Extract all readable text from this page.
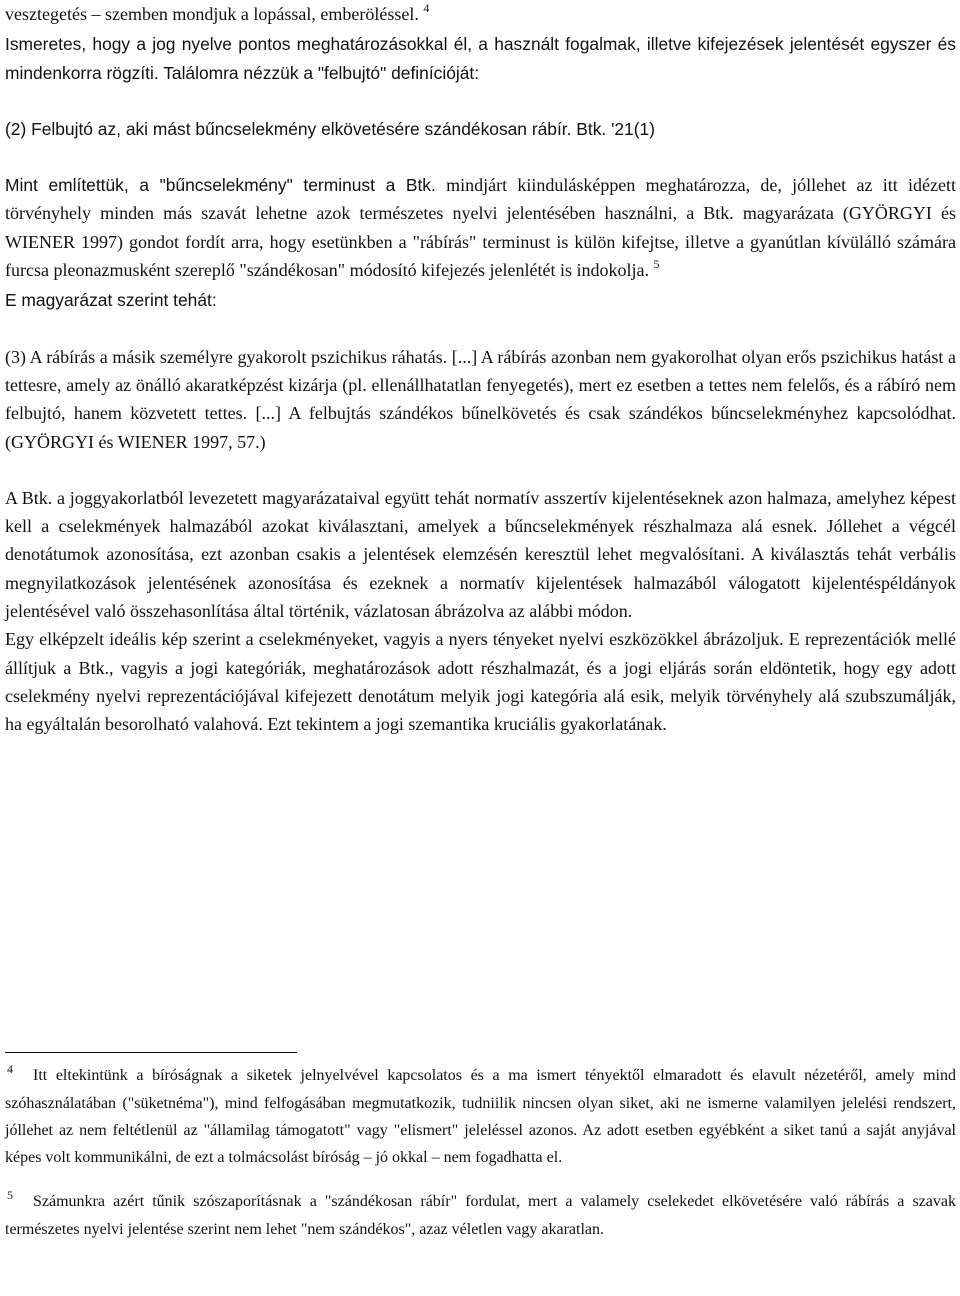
vesztegetés – szemben mondjuk a lopással, emberöléssel. $^4$

Ismeretes, hogy a jog nyelve pontos meghatározásokkal él, a használt fogalmak, illetve kifejezések jelentését egyszer és mindenkorra rögzíti. Találomra nézzük a "felbujtó" definícióját:

(2) Felbujtó az, aki mást bűncselekmény elkövetésére szándékosan rábír. Btk. '21(1)

Mint említettük, a "bűncselekmény" terminust a Btk. mindjárt kiindulásképpen meghatározza, de, jóllehet az itt idézett törvényhely minden más szavát lehetne azok természetes nyelvi jelentésében használni, a Btk. magyarázata (GYÖRGYI és WIENER 1997) gondot fordít arra, hogy esetünkben a "rábírás" terminust is külön kifejtse, illetve a gyanútlan kívülálló számára furcsa pleonazmusként szereplő "szándékosan" módosító kifejezés jelenlétét is indokolja. $^5$

E magyarázat szerint tehát:

(3) A rábírás a másik személyre gyakorolt pszichikus ráhatás. [...] A rábírás azonban nem gyakorolhat olyan erős pszichikus hatást a tettesre, amely az önálló akaratképzést kizárja (pl. ellenállhatatlan fenyegetés), mert ez esetben a tettes nem felelős, és a rábíró nem felbujtó, hanem közvetett tettes. [...] A felbujtás szándékos bűnelkövetés és csak szándékos bűncselekményhez kapcsolódhat. (GYÖRGYI és WIENER 1997, 57.)

A Btk. a joggyakorlatból levezetett magyarázataival együtt tehát normatív asszertív kijelentéseknek azon halmaza, amelyhez képest kell a cselekmények halmazából azokat kiválasztani, amelyek a bűncselekmények részhalmaza alá esnek. Jóllehet a végcél denotátumok azonosítása, ezt azonban csakis a jelentések elemzésén keresztül lehet megvalósítani. A kiválasztás tehát verbális megnyilatkozások jelentésének azonosítása és ezeknek a normatív kijelentések halmazából válogatott kijelentéspéldányok jelentésével való összehasonlítása által történik, vázlatosan ábrázolva az alábbi módon.

Egy elképzelt ideális kép szerint a cselekményeket, vagyis a nyers tényeket nyelvi eszközökkel ábrázoljuk. E reprezentációk mellé állítjuk a Btk., vagyis a jogi kategóriák, meghatározások adott részhalmazát, és a jogi eljárás során eldöntetik, hogy egy adott cselekmény nyelvi reprezentációjával kifejezett denotátum melyik jogi kategória alá esik, melyik törvényhely alá szubszumálják, ha egyáltalán besorolható valahová. Ezt tekintem a jogi szemantika kruciális gyakorlatának.

4 Itt eltekintünk a bíróságnak a siketek jelnyelvével kapcsolatos és a ma ismert tényektől elmaradott és elavult nézetéről, amely mind szóhasználatában ("süketnéma"), mind felfogásában megmutatkozik, tudniilik nincsen olyan siket, aki ne ismerne valamilyen jelelési rendszert, jóllehet az nem feltétlenül az "államilag támogatott" vagy "elismert" jeleléssel azonos. Az adott esetben egyébként a siket tanú a saját anyjával képes volt kommunikálni, de ezt a tolmácsolást bíróság – jó okkal – nem fogadhatta el.

5 Számunkra azért tűnik szószaporításnak a "szándékosan rábír" fordulat, mert a valamely cselekedet elkövetésére való rábírás a szavak természetes nyelvi jelentése szerint nem lehet "nem szándékos", azaz véletlen vagy akaratlan.
